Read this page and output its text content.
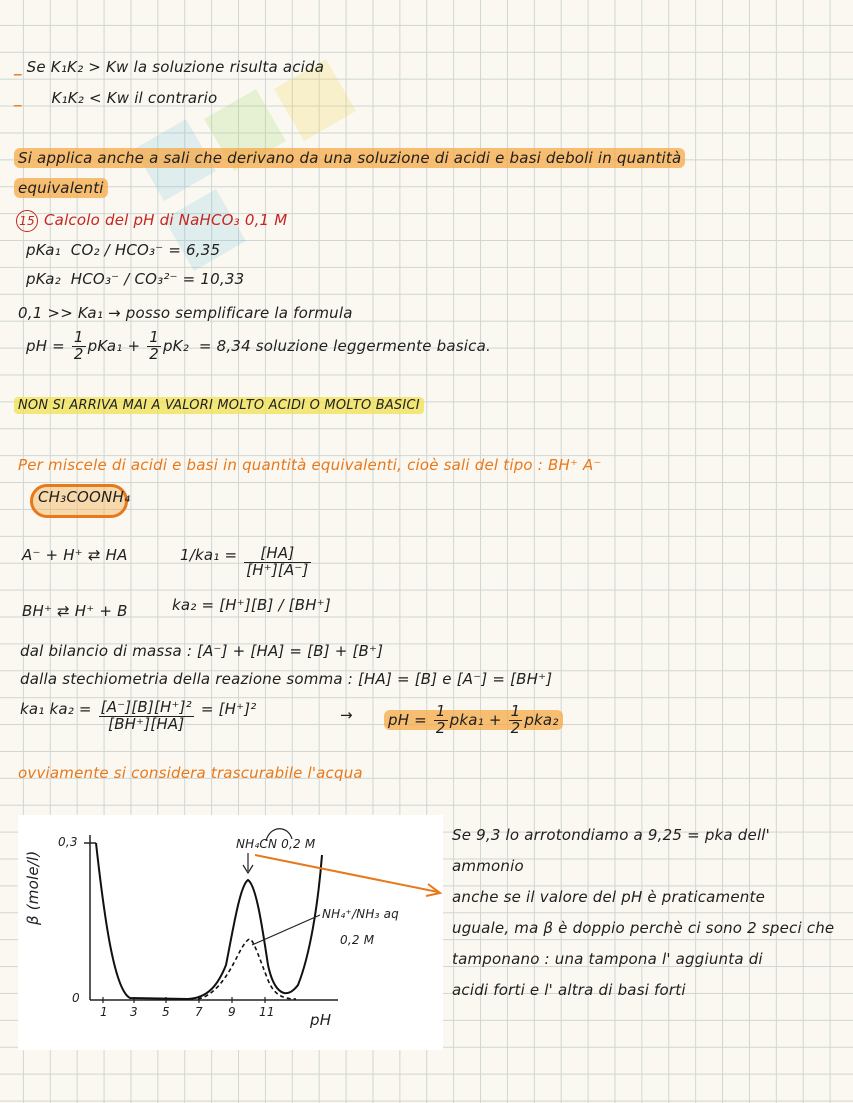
_ Se K₁K₂ > Kw la soluzione risulta acida
_ K₁K₂ < Kw il contrario
Si applica anche a sali che derivano da una soluzione di acidi e basi deboli in quantità
equivalenti
15 Calcolo del pH di NaHCO₃ 0,1 M
pKa₁ CO₂ / HCO₃⁻ = 6,35
pKa₂ HCO₃⁻ / CO₃²⁻ = 10,33
0,1 >> Ka₁ → posso semplificare la formula
pH = $\frac{1}{2} pKa_1 + \frac{1}{2} pK_2 = 8,34$ soluzione leggermente basica.
NON SI ARRIVA MAI A VALORI MOLTO ACIDI O MOLTO BASICI
Per miscele di acidi e basi in quantità equivalenti, cioè sali del tipo : BH⁺ A⁻
CH₃COONH₄
A⁻ + H⁺ ⇄ HA	$1/ka_1 = \frac{[HA]}{[H^+][A^-]}$
BH⁺ ⇄ H⁺ + B	ka₂ = [H⁺][B] / [BH⁺]
dal bilancio di massa : [A⁻] + [HA] = [B] + [B⁺]
dalla stechiometria della reazione somma : [HA] = [B] e [A⁻] = [BH⁺]
ka₁ $ka_2 = \frac{\text{[A⁻][B][H⁺]²}}{[BH^+][HA]} = [H^+]^2$	→ pH = $\frac{1}{2} pka_1 + \frac{1}{2} pka_2$
ovviamente si considera trascurabile l'acqua
0,3
0
β (mole/l)
1 3 5 7 9 11 pH
NH₄CN 0,2 M
NH₄⁺/NH₃ aq
0,2 M
Se 9,3 lo arrotondiamo a 9,25 = pka dell'
ammonio
anche se il valore del pH è praticamente
uguale, ma β è doppio perchè ci sono 2 speci che
tamponano : una tampona l' aggiunta di
acidi forti e l' altra di basi forti
